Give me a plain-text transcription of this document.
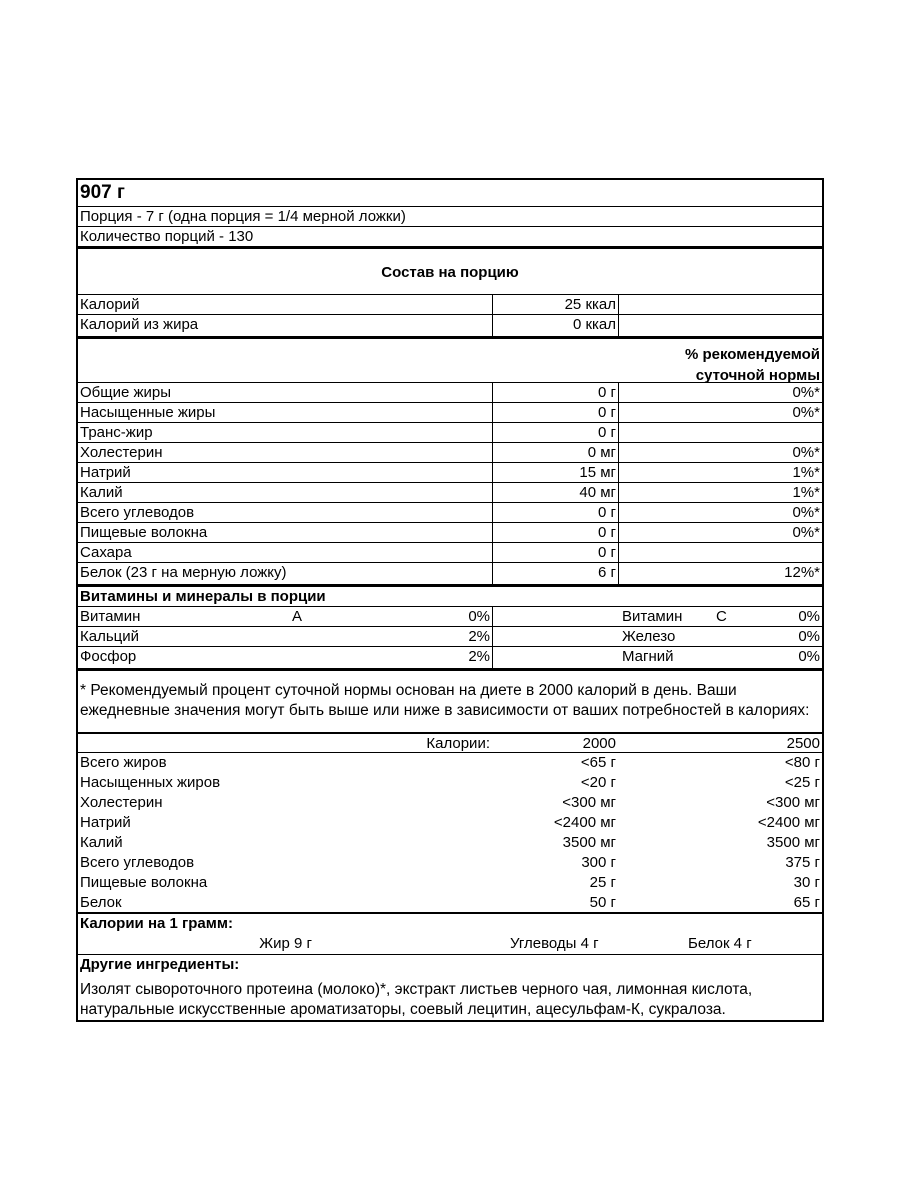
907 г
Порция - 7 г (одна порция = 1/4 мерной ложки)
Количество порций - 130
Состав на порцию
Калорий	25 ккал
Калорий из жира	0 ккал
% рекомендуемой
суточной нормы
Общие жиры	0 г	0%*
Насыщенные жиры	0 г	0%*
Транс-жир	0 г
Холестерин	0 мг	0%*
Натрий	15 мг	1%*
Калий	40 мг	1%*
Всего углеводов	0 г	0%*
Пищевые волокна	0 г	0%*
Сахара	0 г
Белок (23 г на мерную ложку)	6 г	12%*
Витамины и минералы в порции
Витамин	A	0%	Витамин	C	0%
Кальций	2%	Железо	0%
Фосфор	2%	Магний	0%
* Рекомендуемый процент суточной нормы основан на диете в 2000 калорий в день. Ваши
ежедневные значения могут быть выше или ниже в зависимости от ваших потребностей в калориях:
Калории:	2000	2500
Всего жиров	<65 г	<80 г
Насыщенных жиров	<20 г	<25 г
Холестерин	<300 мг	<300 мг
Натрий	<2400 мг	<2400 мг
Калий	3500 мг	3500 мг
Всего углеводов	300 г	375 г
Пищевые волокна	25 г	30 г
Белок	50 г	65 г
Калории на 1 грамм:
Жир 9 г	Углеводы 4 г	Белок 4 г
Другие ингредиенты:
Изолят сывороточного протеина (молоко)*, экстракт листьев черного чая, лимонная кислота,
натуральные искусственные ароматизаторы, соевый лецитин, ацесульфам-К, сукралоза.
